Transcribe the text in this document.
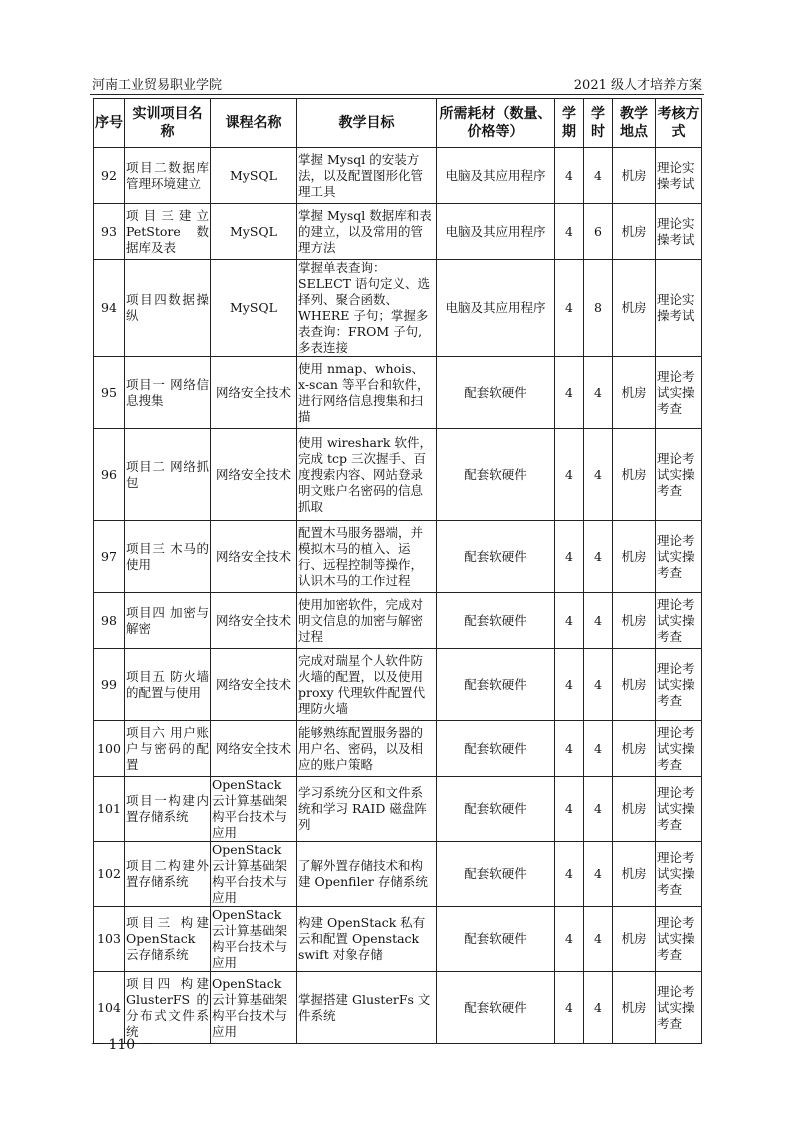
河南工业贸易职业学院	2021 级人才培养方案
序号	实训项目名称	课程名称	教学目标	所需耗材（数量、价格等）	学期	学时	教学地点	考核方式
92	项目二数据库管理环境建立	MySQL	掌握 Mysql 的安装方法，以及配置图形化管理工具	电脑及其应用程序	4	4	机房	理论实操考试
93	项 目 三 建 立 PetStore 数据库及表	MySQL	掌握 Mysql 数据库和表的建立，以及常用的管理方法	电脑及其应用程序	4	6	机房	理论实操考试
94	项目四数据操纵	MySQL	掌握单表查询：SELECT 语句定义、选择列、聚合函数、WHERE 子句；掌握多表查询：FROM 子句, 多表连接	电脑及其应用程序	4	8	机房	理论实操考试
95	项目一 网络信息搜集	网络安全技术	使用 nmap、whois、x-scan 等平台和软件，进行网络信息搜集和扫描	配套软硬件	4	4	机房	理论考试实操考查
96	项目二 网络抓包	网络安全技术	使用 wireshark 软件，完成 tcp 三次握手、百度搜索内容、网站登录明文账户名密码的信息抓取	配套软硬件	4	4	机房	理论考试实操考查
97	项目三 木马的使用	网络安全技术	配置木马服务器端，并模拟木马的植入、运行、远程控制等操作，认识木马的工作过程	配套软硬件	4	4	机房	理论考试实操考查
98	项目四 加密与解密	网络安全技术	使用加密软件，完成对明文信息的加密与解密过程	配套软硬件	4	4	机房	理论考试实操考查
99	项目五 防火墙的配置与使用	网络安全技术	完成对瑞星个人软件防火墙的配置，以及使用 proxy 代理软件配置代理防火墙	配套软硬件	4	4	机房	理论考试实操考查
100	项目六 用户账户与密码的配置	网络安全技术	能够熟练配置服务器的用户名、密码，以及相应的账户策略	配套软硬件	4	4	机房	理论考试实操考查
101	项目一构建内置存储系统	OpenStack 云计算基础架构平台技术与应用	学习系统分区和文件系统和学习 RAID 磁盘阵列	配套软硬件	4	4	机房	理论考试实操考查
102	项目二构建外置存储系统	OpenStack 云计算基础架构平台技术与应用	了解外置存储技术和构建 Openfiler 存储系统	配套软硬件	4	4	机房	理论考试实操考查
103	项目三 构建 OpenStack 云存储系统	OpenStack 云计算基础架构平台技术与应用	构建 OpenStack 私有云和配置 Openstack swift 对象存储	配套软硬件	4	4	机房	理论考试实操考查
104	项目四 构建 GlusterFS 的分布式文件系统	OpenStack 云计算基础架构平台技术与应用	掌握搭建 GlusterFs 文件系统	配套软硬件	4	4	机房	理论考试实操考查
－ 110 －
